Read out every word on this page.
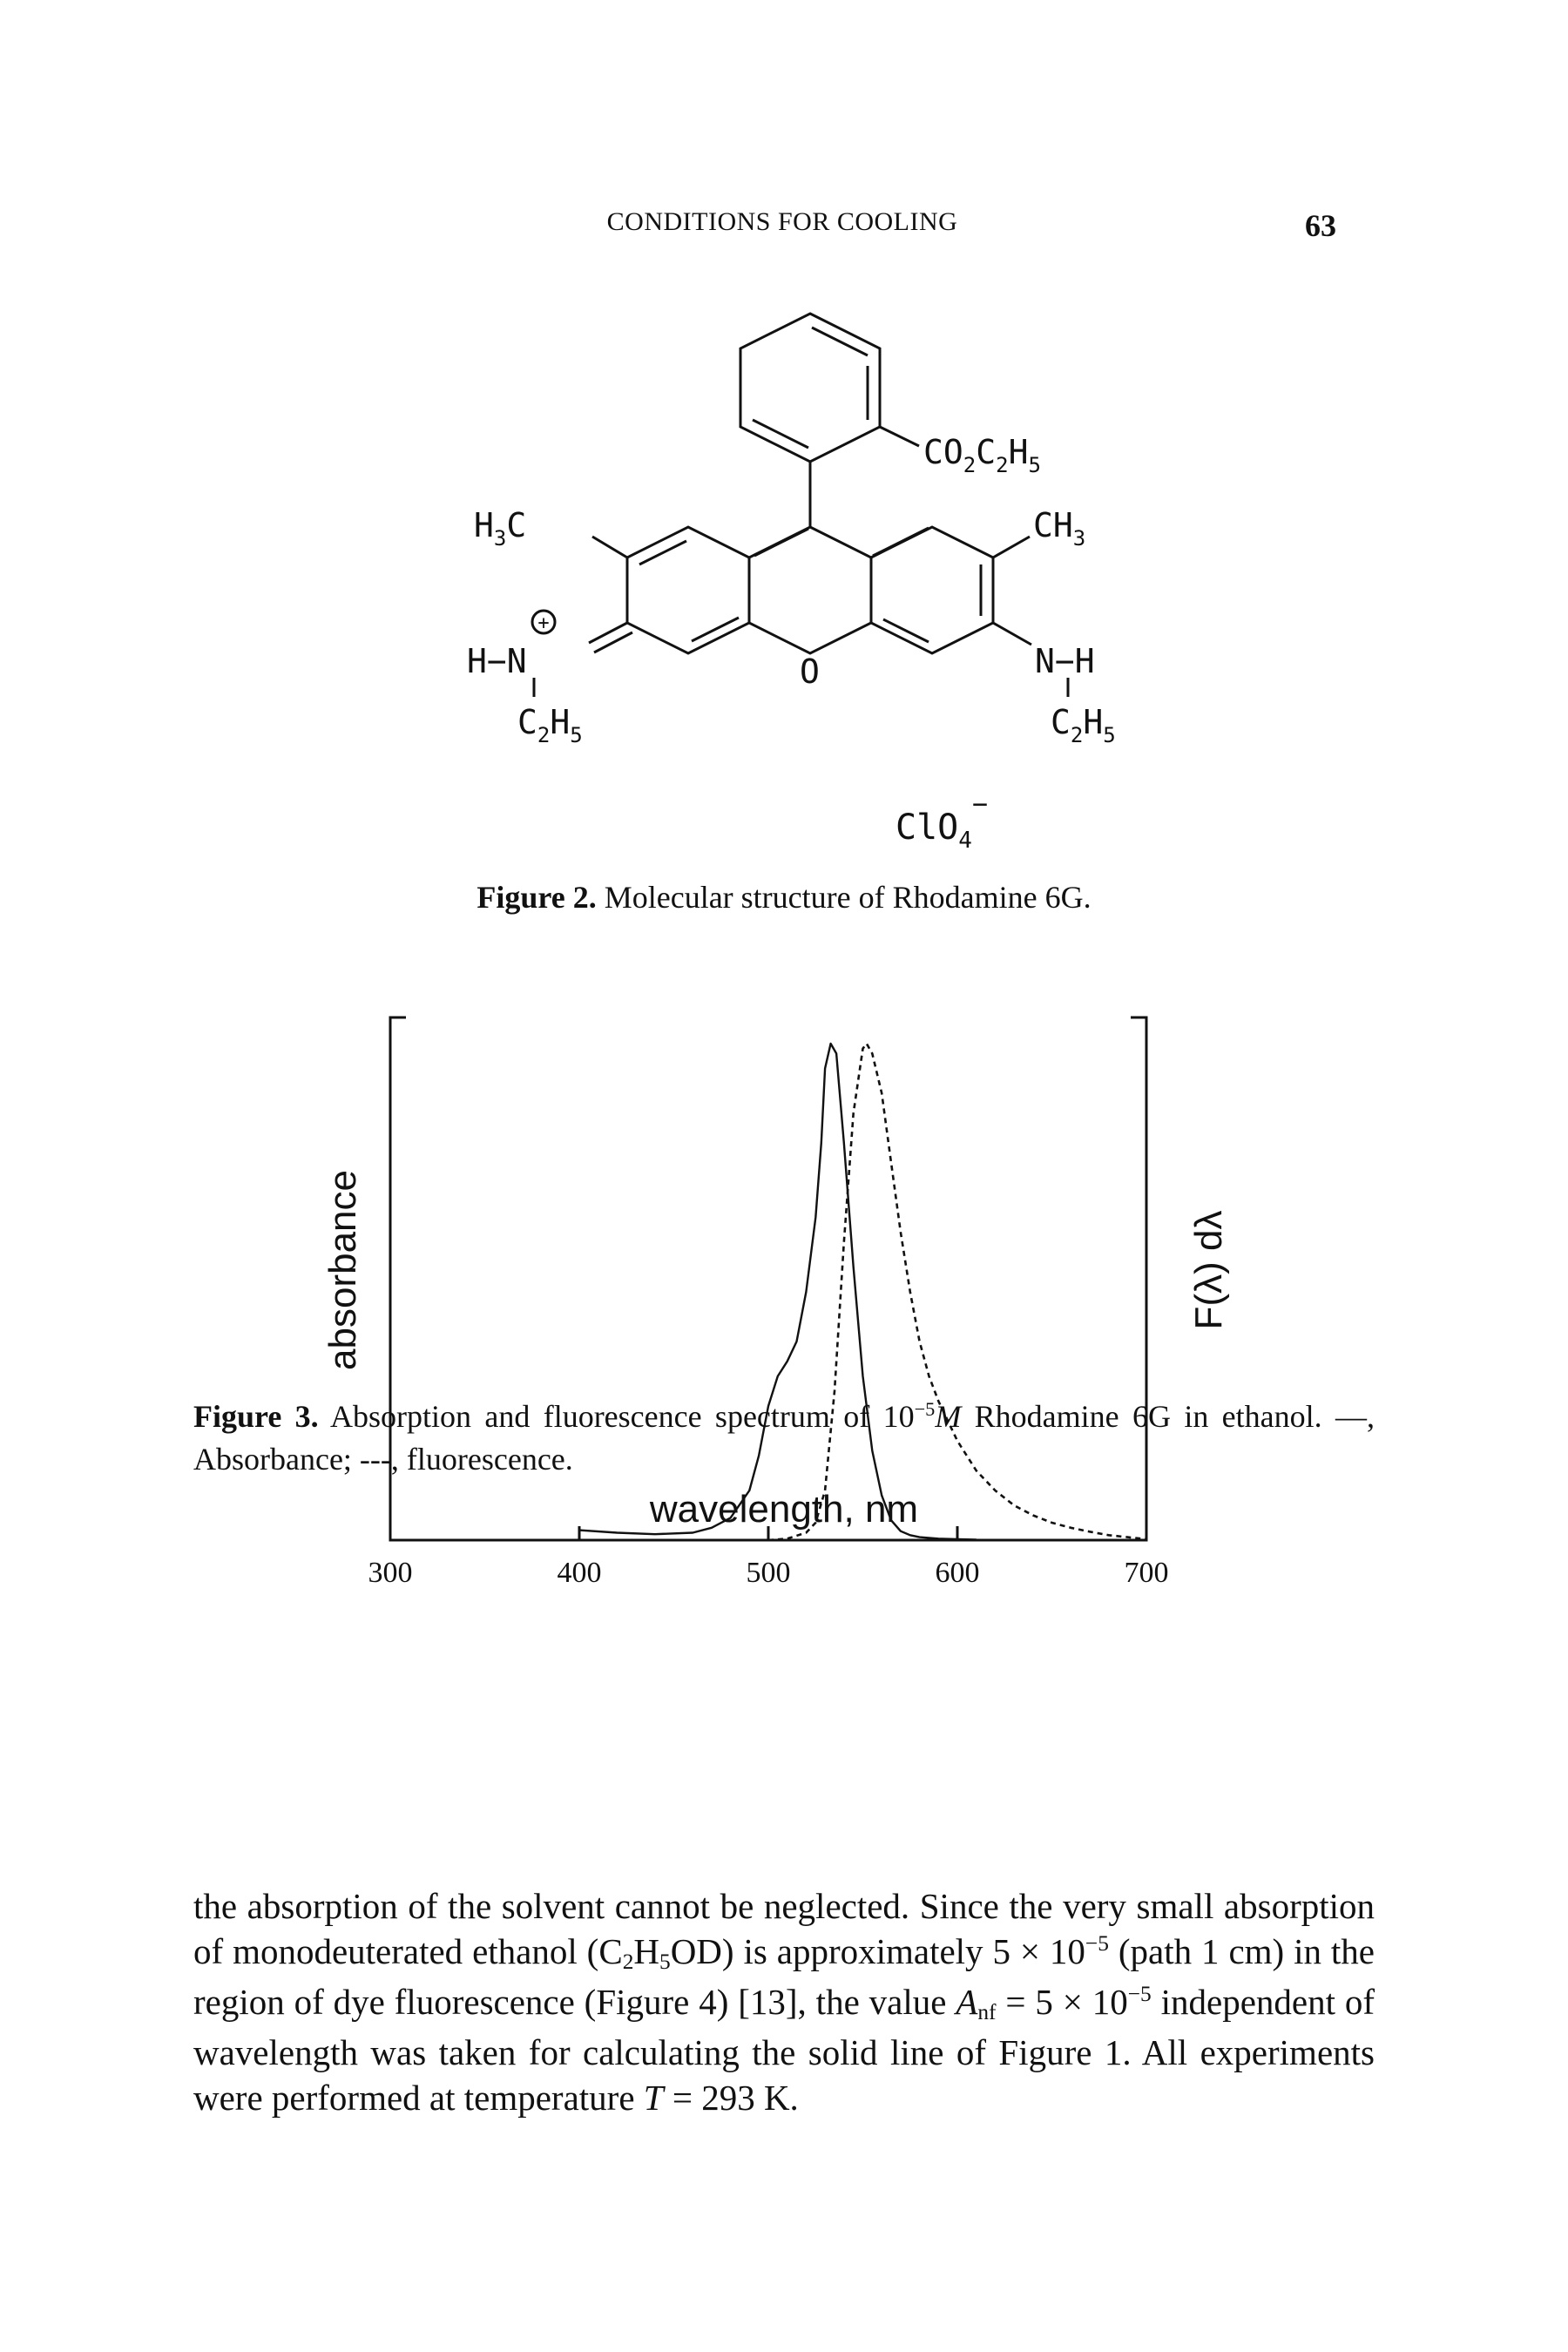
CONDITIONS FOR COOLING	63
$CO_2C_2H_5$
$H_3C$	$CH_3$
+
H−N	N−H
O
$C_2H_5$	$C_2H_5$
ClO$_4$−
Figure 2. Molecular structure of Rhodamine 6G.
300	400	500	600	700
absorbance	F(λ) dλ
wavelength, nm
Figure 3. Absorption and fluorescence spectrum of $10^{-5}M$ Rhodamine 6G in ethanol. —, Absorbance; ---, fluorescence.

the absorption of the solvent cannot be neglected. Since the very small absorption of monodeuterated ethanol $(C_2H_5OD)$ is approximately $5 \times 10^{-5}$ (path 1 cm) in the region of dye fluorescence (Figure 4) [13], the value $A_{nf} = 5 \times 10^{-5}$ independent of wavelength was taken for calculating the solid line of Figure 1. All experiments were performed at temperature T = 293 K.
